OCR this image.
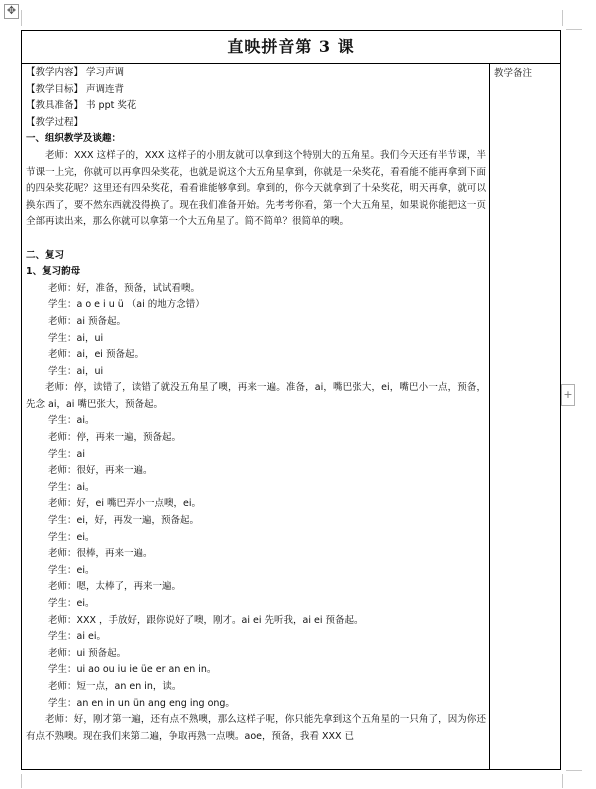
✥
+
直映拼音第 3 课
【教学内容】 学习声调
【教学目标】 声调连背
【教具准备】 书 ppt 奖花
【教学过程】
一、组织教学及谈趣：

老师：XXX 这样子的，XXX 这样子的小朋友就可以拿到这个特别大的五角星。我们今天还有半节课，半节课一上完，你就可以再拿四朵奖花，也就是说这个大五角星拿到，你就是一朵奖花，看看能不能再拿到下面的四朵奖花呢？这里还有四朵奖花，看看谁能够拿到。拿到的，你今天就拿到了十朵奖花，明天再拿，就可以换东西了，要不然东西就没得换了。现在我们准备开始。先考考你看，第一个大五角星，如果说你能把这一页全部再读出来，那么你就可以拿第一个大五角星了。简不简单？很简单的噢。

二、复习
1、复习韵母
老师：好，准备，预备，试试看噢。
学生：a o e i u ü （ai 的地方念错）
老师：ai 预备起。
学生：ai，ui
老师：ai，ei 预备起。
学生：ai，ui

老师：停，读错了，读错了就没五角星了噢，再来一遍。准备，ai，嘴巴张大，ei，嘴巴小一点，预备，先念 ai，ai 嘴巴张大，预备起。

学生：ai。
老师：停，再来一遍，预备起。
学生：ai
老师：很好，再来一遍。
学生：ai。
老师：好，ei 嘴巴弄小一点噢，ei。
学生：ei，好，再发一遍，预备起。
学生：ei。
老师：很棒，再来一遍。
学生：ei。
老师：嗯，太棒了，再来一遍。
学生：ei。
老师：XXX ，手放好，跟你说好了噢，刚才。ai ei 先听我，ai ei 预备起。
学生：ai ei。
老师：ui 预备起。
学生：ui ao ou iu ie üe er an en in。
老师：短一点，an en in，读。
学生：an en in un ün ang eng ing ong。

老师：好，刚才第一遍，还有点不熟噢，那么这样子呢，你只能先拿到这个五角星的一只角了，因为你还有点不熟噢。现在我们来第二遍，争取再熟一点噢。aoe，预备，我看 XXX 已

教学备注
